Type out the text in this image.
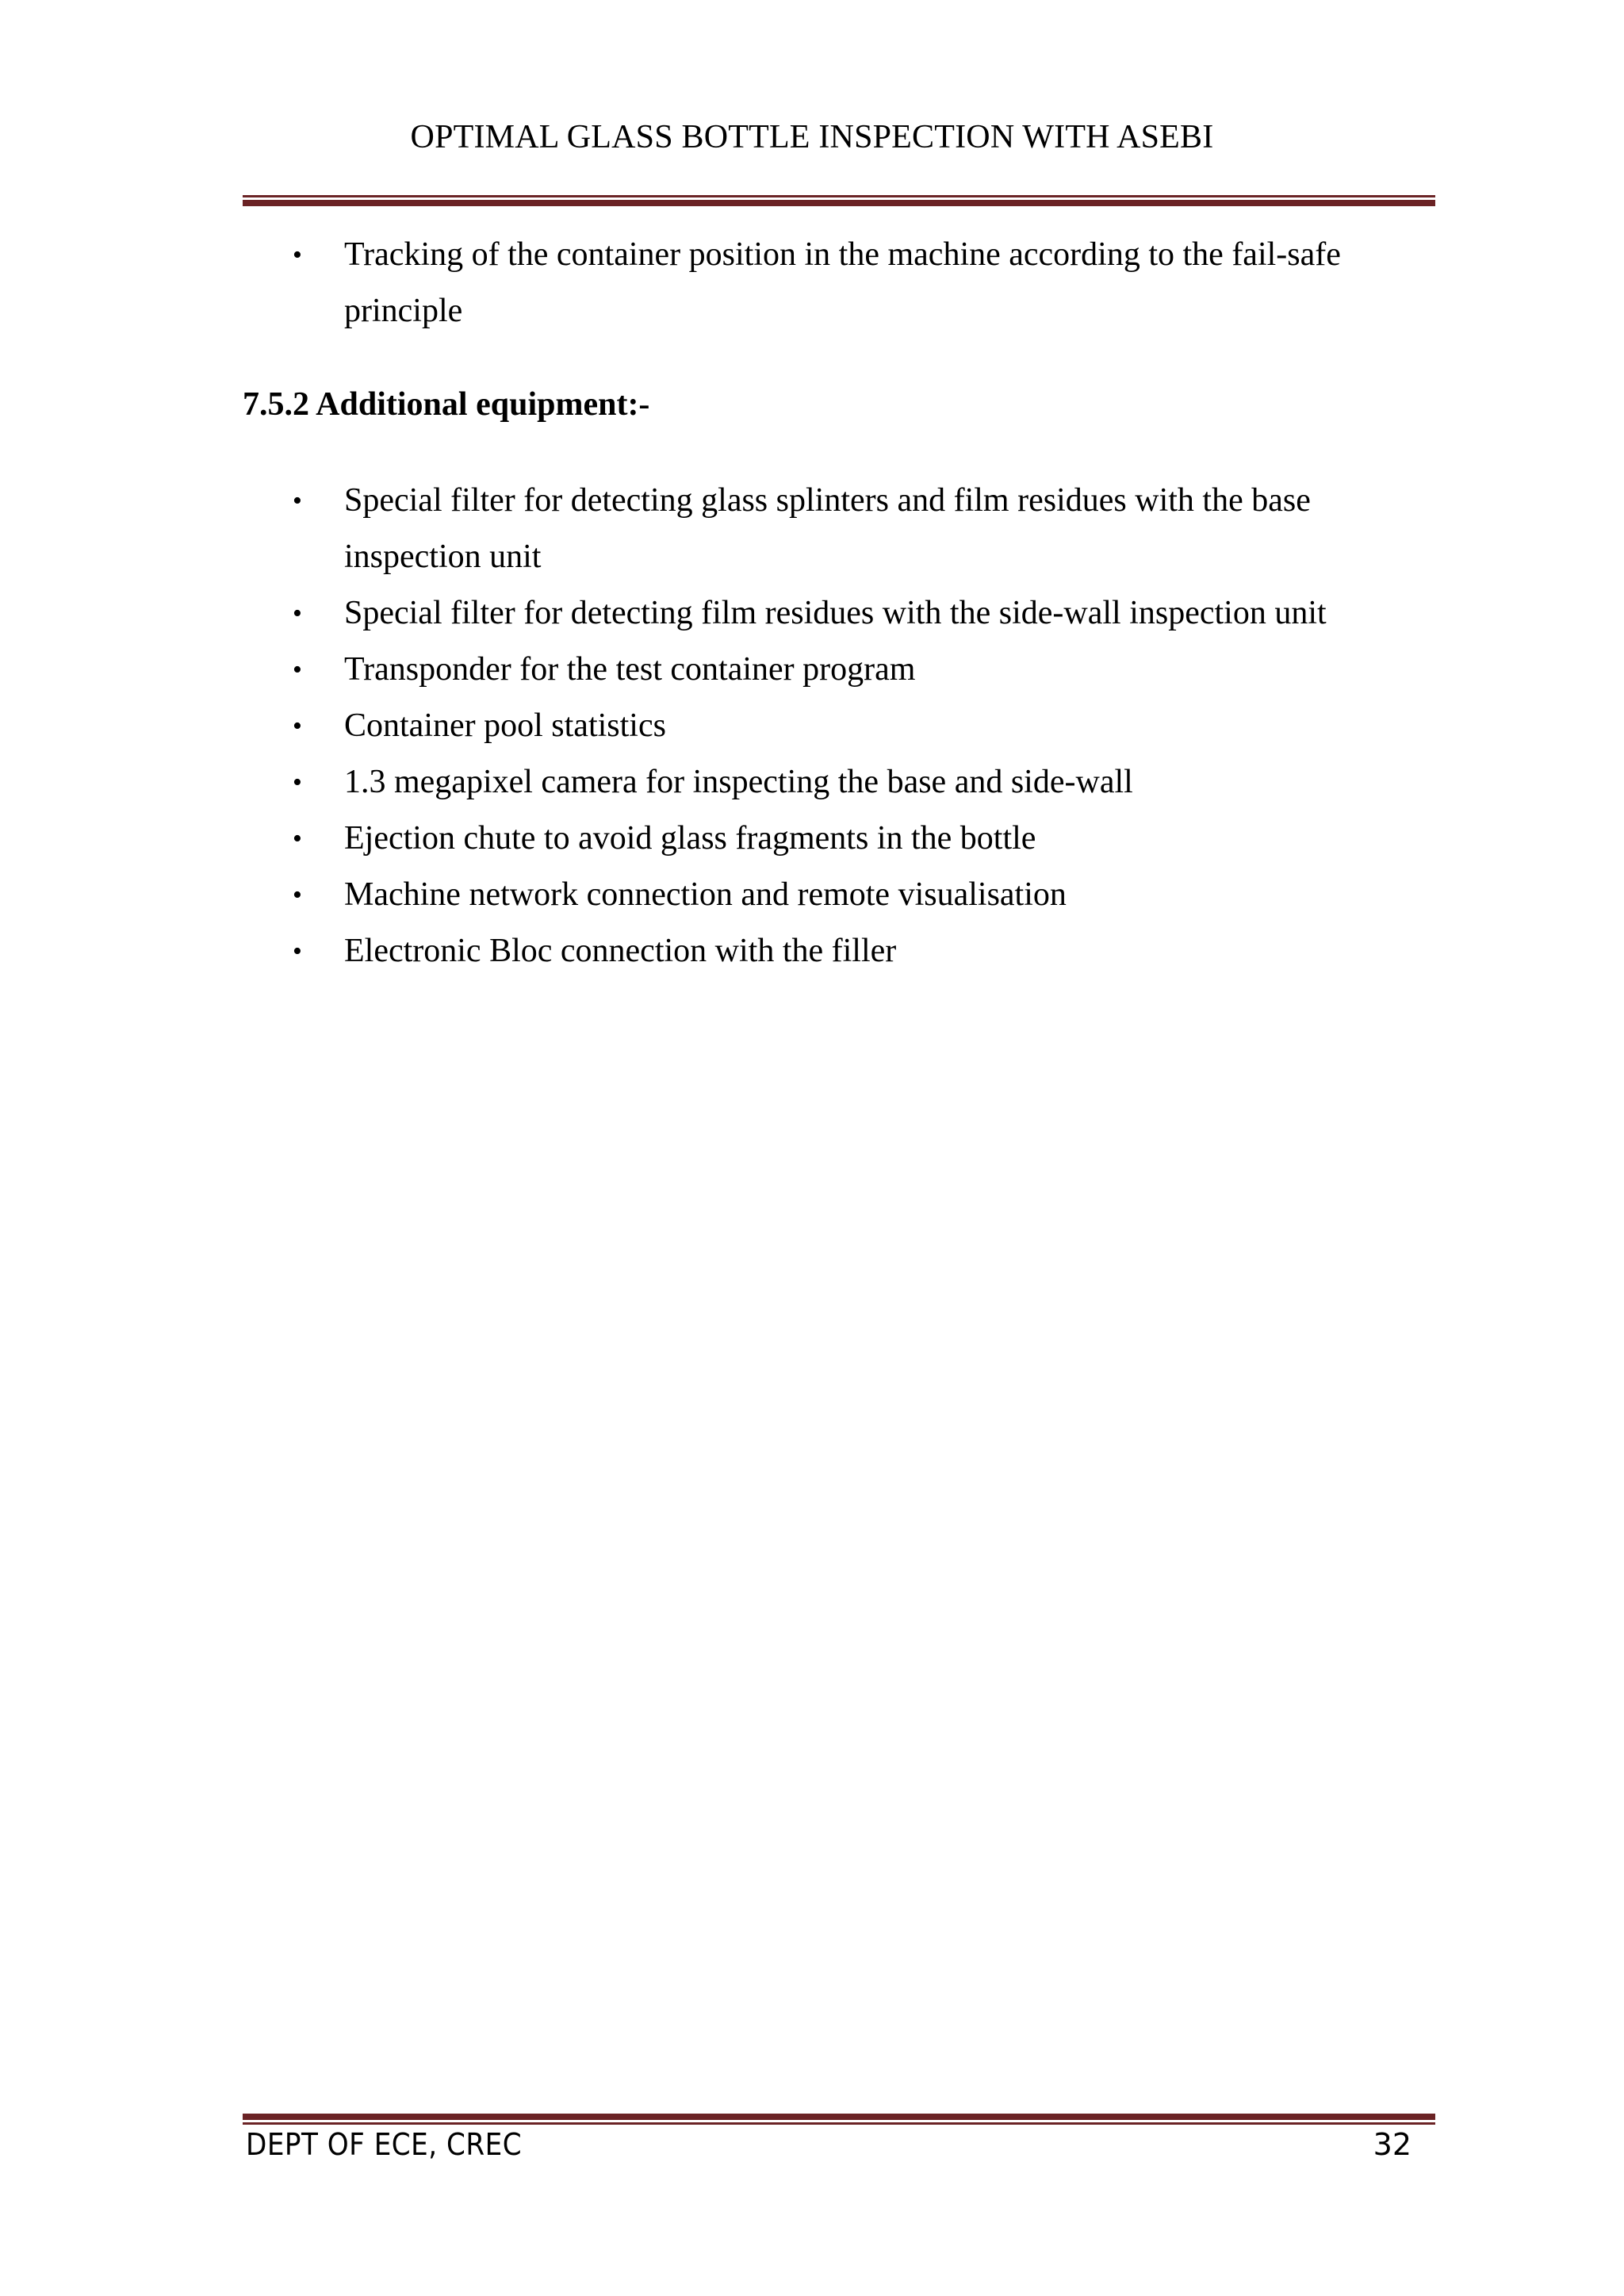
OPTIMAL GLASS BOTTLE INSPECTION WITH ASEBI
• Tracking of the container position in the machine according to the fail-safe principle
7.5.2 Additional equipment:-
• Special filter for detecting glass splinters and film residues with the base inspection unit
• Special filter for detecting film residues with the side-wall inspection unit
• Transponder for the test container program
• Container pool statistics
• 1.3 megapixel camera for inspecting the base and side-wall
• Ejection chute to avoid glass fragments in the bottle
• Machine network connection and remote visualisation
• Electronic Bloc connection with the filler
DEPT OF ECE, CREC	32
